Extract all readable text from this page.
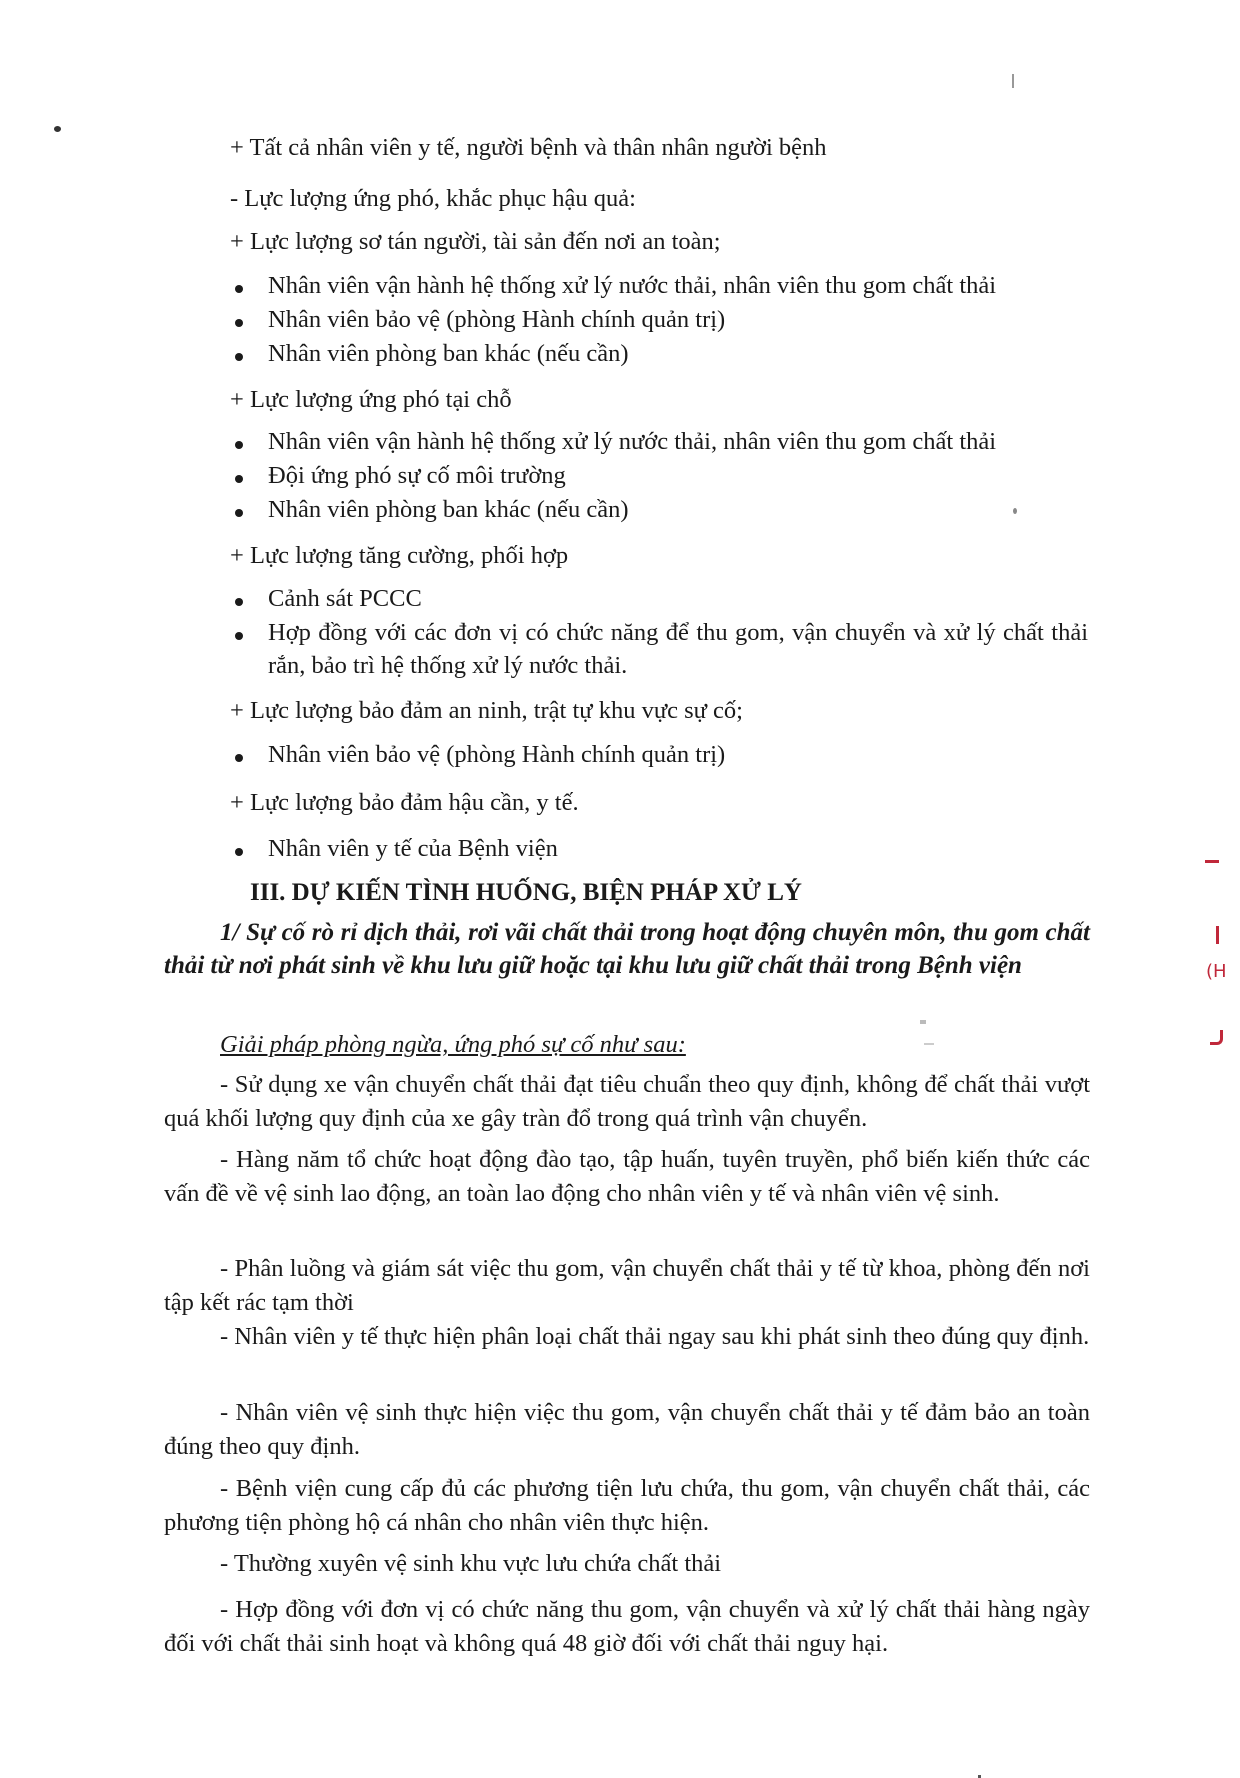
(H
+ Tất cả nhân viên y tế, người bệnh và thân nhân người bệnh
- Lực lượng ứng phó, khắc phục hậu quả:
+ Lực lượng sơ tán người, tài sản đến nơi an toàn;
Nhân viên vận hành hệ thống xử lý nước thải, nhân viên thu gom chất thải
Nhân viên bảo vệ (phòng Hành chính quản trị)
Nhân viên phòng ban khác (nếu cần)
+ Lực lượng ứng phó tại chỗ
Nhân viên vận hành hệ thống xử lý nước thải, nhân viên thu gom chất thải
Đội ứng phó sự cố môi trường
Nhân viên phòng ban khác (nếu cần)
+ Lực lượng tăng cường, phối hợp
Cảnh sát PCCC
Hợp đồng với các đơn vị có chức năng để thu gom, vận chuyển và xử lý chất thải rắn, bảo trì hệ thống xử lý nước thải.
+ Lực lượng bảo đảm an ninh, trật tự khu vực sự cố;
Nhân viên bảo vệ (phòng Hành chính quản trị)
+ Lực lượng bảo đảm hậu cần, y tế.
Nhân viên y tế của Bệnh viện
III. DỰ KIẾN TÌNH HUỐNG, BIỆN PHÁP XỬ LÝ
1/ Sự cố rò rỉ dịch thải, rơi vãi chất thải trong hoạt động chuyên môn, thu gom chất thải từ nơi phát sinh về khu lưu giữ hoặc tại khu lưu giữ chất thải trong Bệnh viện
Giải pháp phòng ngừa, ứng phó sự cố như sau:
- Sử dụng xe vận chuyển chất thải đạt tiêu chuẩn theo quy định, không để chất thải vượt quá khối lượng quy định của xe gây tràn đổ trong quá trình vận chuyển.
- Hàng năm tổ chức hoạt động đào tạo, tập huấn, tuyên truyền, phổ biến kiến thức các vấn đề về vệ sinh lao động, an toàn lao động cho nhân viên y tế và nhân viên vệ sinh.
- Phân luồng và giám sát việc thu gom, vận chuyển chất thải y tế từ khoa, phòng đến nơi tập kết rác tạm thời
- Nhân viên y tế thực hiện phân loại chất thải ngay sau khi phát sinh theo đúng quy định.
- Nhân viên vệ sinh thực hiện việc thu gom, vận chuyển chất thải y tế đảm bảo an toàn đúng theo quy định.
- Bệnh viện cung cấp đủ các phương tiện lưu chứa, thu gom, vận chuyển chất thải, các phương tiện phòng hộ cá nhân cho nhân viên thực hiện.
- Thường xuyên vệ sinh khu vực lưu chứa chất thải
- Hợp đồng với đơn vị có chức năng thu gom, vận chuyển và xử lý chất thải hàng ngày đối với chất thải sinh hoạt và không quá 48 giờ đối với chất thải nguy hại.
